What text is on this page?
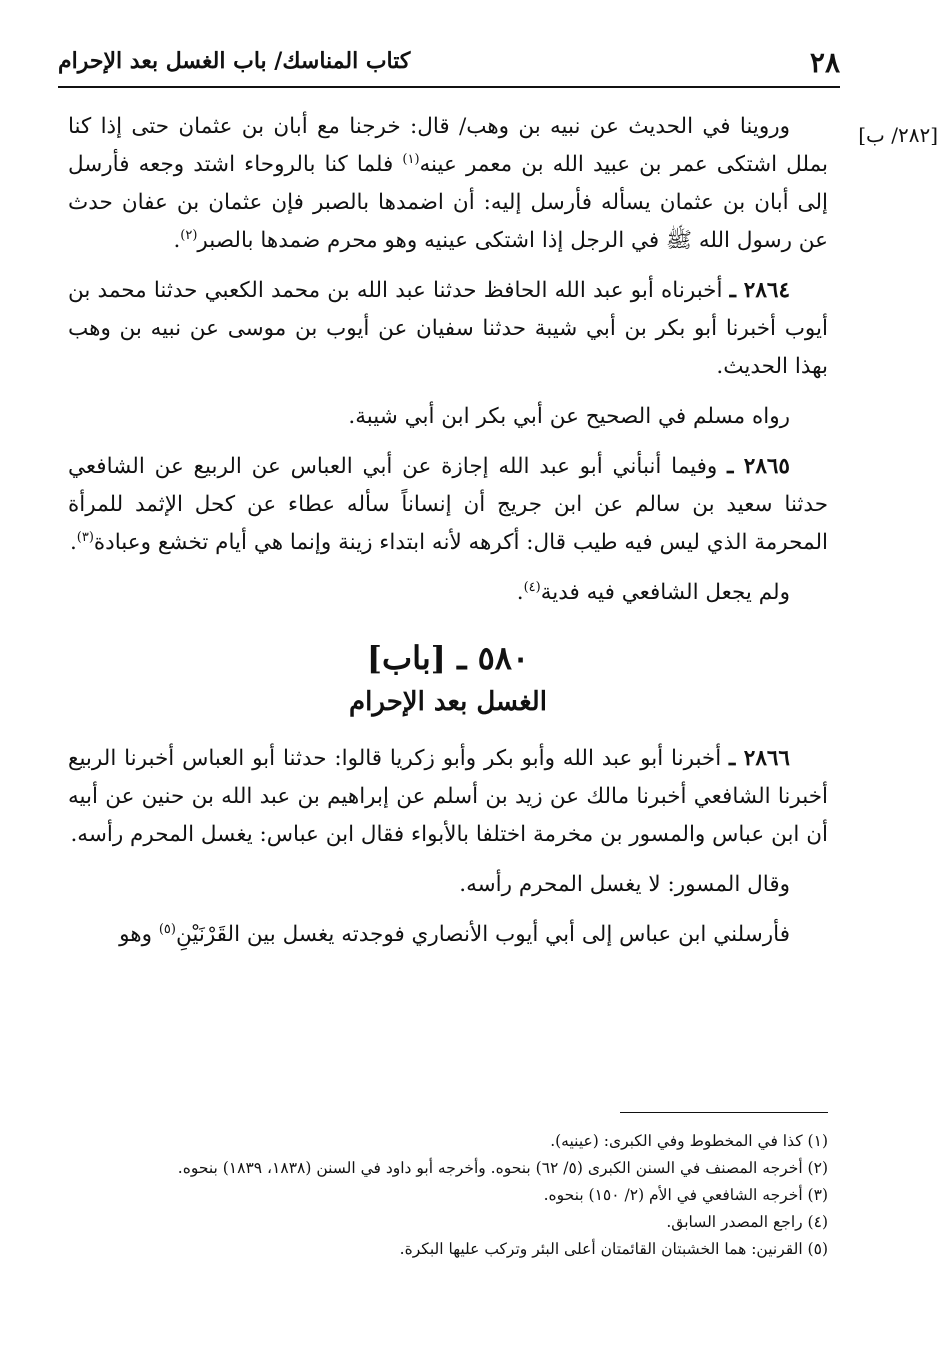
٢٨
كتاب المناسك/ باب الغسل بعد الإحرام
[٢٨٢/ ب]

وروينا في الحديث عن نبيه بن وهب/ قال: خرجنا مع أبان بن عثمان حتى إذا كنا بملل اشتكى عمر بن عبيد الله بن معمر عينه$^{(١)}$ فلما كنا بالروحاء اشتد وجعه فأرسل إلى أبان بن عثمان يسأله فأرسل إليه: أن اضمدها بالصبر فإن عثمان بن عفان حدث عن رسول الله ﷺ في الرجل إذا اشتكى عينيه وهو محرم ضمدها بالصبر$^{(٢)}$.

٢٨٦٤ ـ أخبرناه أبو عبد الله الحافظ حدثنا عبد الله بن محمد الكعبي حدثنا محمد بن أيوب أخبرنا أبو بكر بن أبي شيبة حدثنا سفيان عن أيوب بن موسى عن نبيه بن وهب بهذا الحديث.

رواه مسلم في الصحيح عن أبي بكر ابن أبي شيبة.

٢٨٦٥ ـ وفيما أنبأني أبو عبد الله إجازة عن أبي العباس عن الربيع عن الشافعي حدثنا سعيد بن سالم عن ابن جريج أن إنساناً سأله عطاء عن كحل الإثمد للمرأة المحرمة الذي ليس فيه طيب قال: أكرهه لأنه ابتداء زينة وإنما هي أيام تخشع وعبادة$^{(٣)}$.

ولم يجعل الشافعي فيه فدية$^{(٤)}$.

٥٨٠ ـ [باب]
الغسل بعد الإحرام

٢٨٦٦ ـ أخبرنا أبو عبد الله وأبو بكر وأبو زكريا قالوا: حدثنا أبو العباس أخبرنا الربيع أخبرنا الشافعي أخبرنا مالك عن زيد بن أسلم عن إبراهيم بن عبد الله بن حنين عن أبيه أن ابن عباس والمسور بن مخرمة اختلفا بالأبواء فقال ابن عباس: يغسل المحرم رأسه.

وقال المسور: لا يغسل المحرم رأسه.

فأرسلني ابن عباس إلى أبي أيوب الأنصاري فوجدته يغسل بين القَرْنَيْنِ$^{(٥)}$ وهو

(١) كذا في المخطوط وفي الكبرى: (عينيه).

(٢) أخرجه المصنف في السنن الكبرى (٥/ ٦٢) بنحوه. وأخرجه أبو داود في السنن (١٨٣٨، ١٨٣٩) بنحوه.

(٣) أخرجه الشافعي في الأم (٢/ ١٥٠) بنحوه.

(٤) راجع المصدر السابق.

(٥) القرنين: هما الخشبتان القائمتان أعلى البئر وتركب عليها البكرة.
